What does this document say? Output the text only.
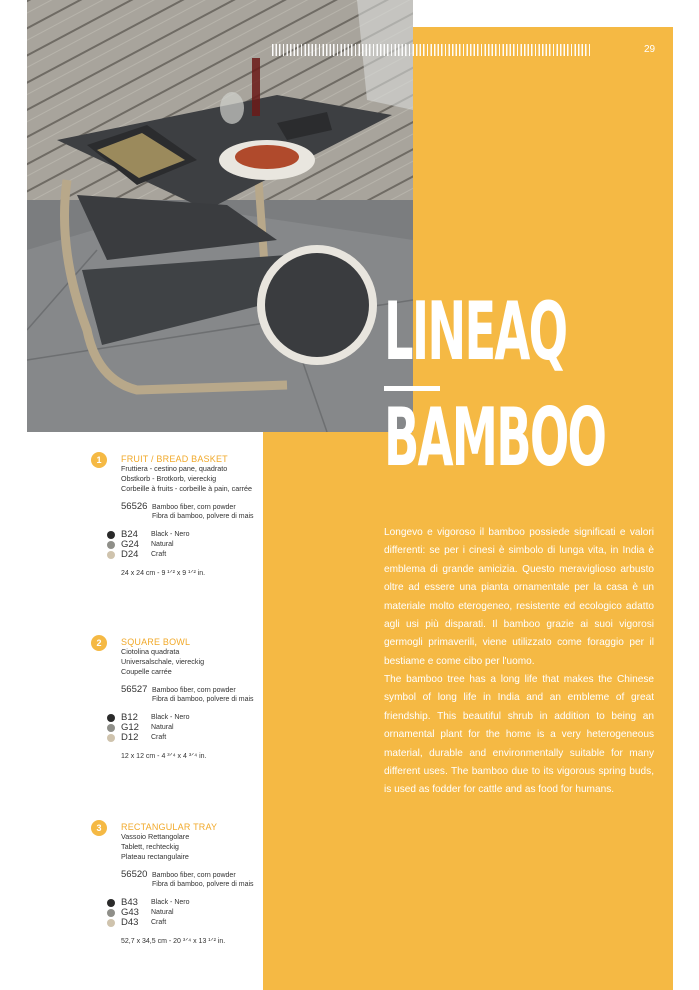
29
LINEAQ
BAMBOO

Longevo e vigoroso il bamboo possiede significati e valori differenti: se per i cinesi è simbolo di lunga vita, in India è emblema di grande amicizia. Questo meraviglioso arbusto oltre ad essere una pianta ornamentale per la casa è un materiale molto eterogeneo, resistente ed ecologico adatto agli usi più disparati. Il bamboo grazie ai suoi vigorosi germogli primaverili, viene utilizzato come foraggio per il bestiame e come cibo per l'uomo.

The bamboo tree has a long life that makes the Chinese symbol of long life in India and an embleme of great friendship. This beautiful shrub in addition to being an ornamental plant for the home is a very heterogeneous material, durable and environmentally suitable for many different uses. The bamboo due to its vigorous spring buds, is used as fodder for cattle and as food for humans.

1	FRUIT / BREAD BASKET
Fruttiera - cestino pane, quadrato
Obstkorb - Brotkorb, viereckig
Corbeille à fruits - corbeille à pain, carrée
56526 Bamboo fiber, corn powder
Fibra di bamboo, polvere di mais
B24 Black - Nero
G24 Natural
D24 Craft
24 x 24 cm - 9 ¹ᐟ² x 9 ¹ᐟ² in.
2	SQUARE BOWL
Ciotolina quadrata
Universalschale, viereckig
Coupelle carrée
56527 Bamboo fiber, corn powder
Fibra di bamboo, polvere di mais
B12 Black - Nero
G12 Natural
D12 Craft
12 x 12 cm - 4 ³ᐟ⁴ x 4 ³ᐟ⁴ in.
3	RECTANGULAR TRAY
Vassoio Rettangolare
Tablett, rechteckig
Plateau rectangulaire
56520 Bamboo fiber, corn powder
Fibra di bamboo, polvere di mais
B43 Black - Nero
G43 Natural
D43 Craft
52,7 x 34,5 cm - 20 ³ᐟ⁴ x 13 ¹ᐟ² in.
